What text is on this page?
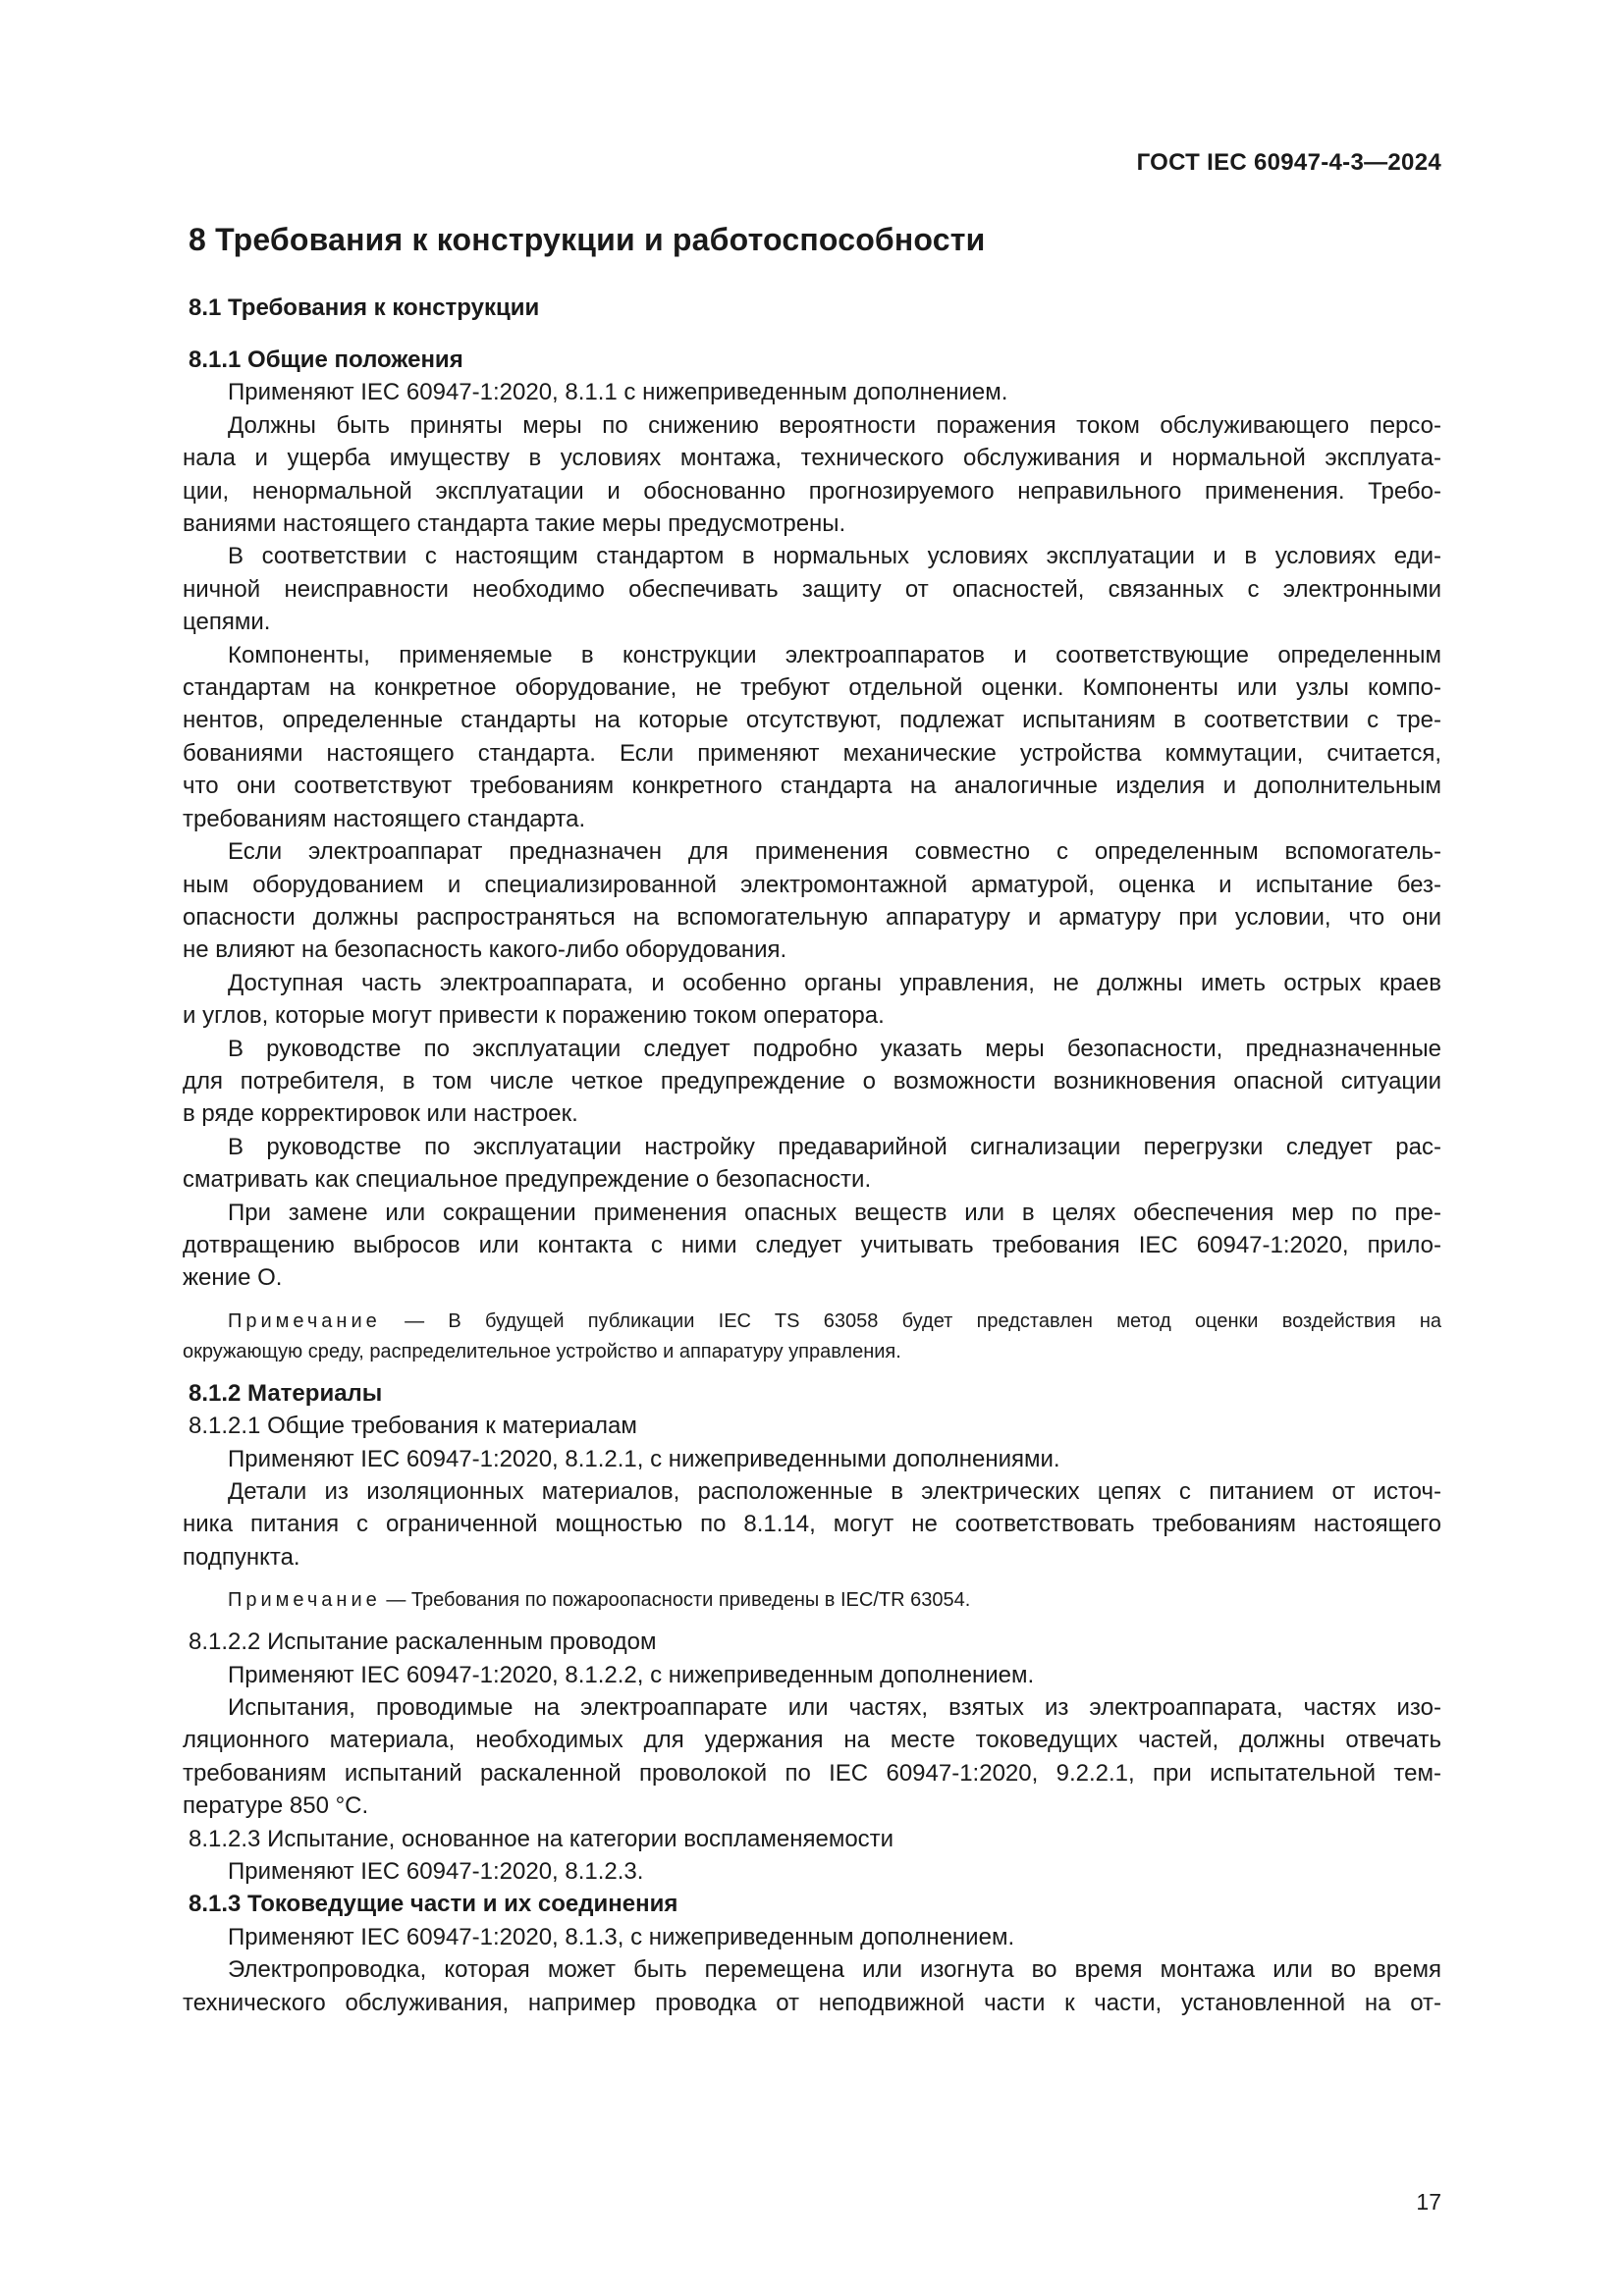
ГОСТ IEC 60947-4-3—2024
8 Требования к конструкции и работоспособности
8.1 Требования к конструкции
8.1.1 Общие положения
Применяют IEC 60947-1:2020, 8.1.1 с нижеприведенным дополнением.
Должны быть приняты меры по снижению вероятности поражения током обслуживающего персо-
нала и ущерба имуществу в условиях монтажа, технического обслуживания и нормальной эксплуата-
ции, ненормальной эксплуатации и обоснованно прогнозируемого неправильного применения. Требо-
ваниями настоящего стандарта такие меры предусмотрены.
В соответствии с настоящим стандартом в нормальных условиях эксплуатации и в условиях еди-
ничной неисправности необходимо обеспечивать защиту от опасностей, связанных с электронными
цепями.
Компоненты, применяемые в конструкции электроаппаратов и соответствующие определенным
стандартам на конкретное оборудование, не требуют отдельной оценки. Компоненты или узлы компо-
нентов, определенные стандарты на которые отсутствуют, подлежат испытаниям в соответствии с тре-
бованиями настоящего стандарта. Если применяют механические устройства коммутации, считается,
что они соответствуют требованиям конкретного стандарта на аналогичные изделия и дополнительным
требованиям настоящего стандарта.
Если электроаппарат предназначен для применения совместно с определенным вспомогатель-
ным оборудованием и специализированной электромонтажной арматурой, оценка и испытание без-
опасности должны распространяться на вспомогательную аппаратуру и арматуру при условии, что они
не влияют на безопасность какого-либо оборудования.
Доступная часть электроаппарата, и особенно органы управления, не должны иметь острых краев
и углов, которые могут привести к поражению током оператора.
В руководстве по эксплуатации следует подробно указать меры безопасности, предназначенные
для потребителя, в том числе четкое предупреждение о возможности возникновения опасной ситуации
в ряде корректировок или настроек.
В руководстве по эксплуатации настройку предаварийной сигнализации перегрузки следует рас-
сматривать как специальное предупреждение о безопасности.
При замене или сокращении применения опасных веществ или в целях обеспечения мер по пре-
дотвращению выбросов или контакта с ними следует учитывать требования IEC 60947-1:2020, прило-
жение О.
Примечание — В будущей публикации IEC TS 63058 будет представлен метод оценки воздействия на
окружающую среду, распределительное устройство и аппаратуру управления.
8.1.2 Материалы
8.1.2.1 Общие требования к материалам
Применяют IEC 60947-1:2020, 8.1.2.1, с нижеприведенными дополнениями.
Детали из изоляционных материалов, расположенные в электрических цепях с питанием от источ-
ника питания с ограниченной мощностью по 8.1.14, могут не соответствовать требованиям настоящего
подпункта.
Примечание — Требования по пожароопасности приведены в IEC/TR 63054.
8.1.2.2 Испытание раскаленным проводом
Применяют IEC 60947-1:2020, 8.1.2.2, с нижеприведенным дополнением.
Испытания, проводимые на электроаппарате или частях, взятых из электроаппарата, частях изо-
ляционного материала, необходимых для удержания на месте токоведущих частей, должны отвечать
требованиям испытаний раскаленной проволокой по IEC 60947-1:2020, 9.2.2.1, при испытательной тем-
пературе 850 °С.
8.1.2.3 Испытание, основанное на категории воспламеняемости
Применяют IEC 60947-1:2020, 8.1.2.3.
8.1.3 Токоведущие части и их соединения
Применяют IEC 60947-1:2020, 8.1.3, с нижеприведенным дополнением.
Электропроводка, которая может быть перемещена или изогнута во время монтажа или во время
технического обслуживания, например проводка от неподвижной части к части, установленной на от-
17
